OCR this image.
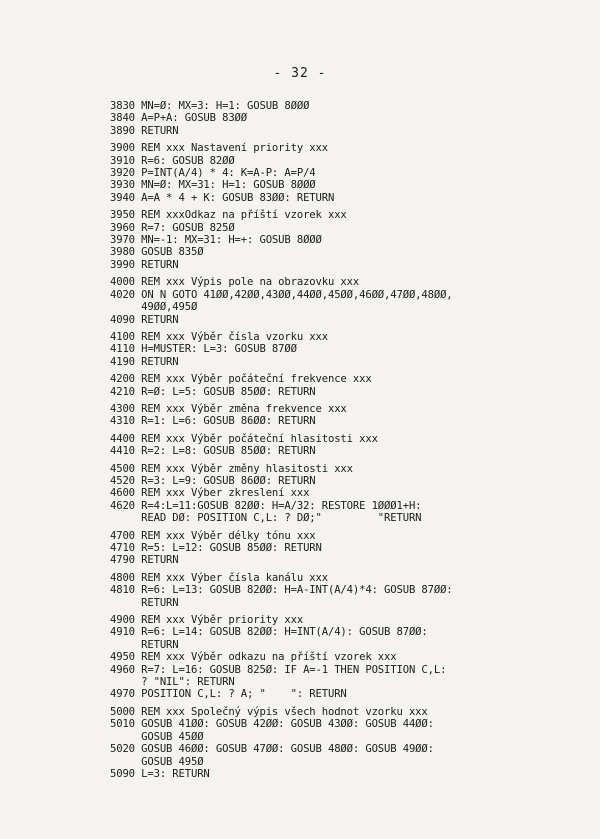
- 32 -
3830 MN=Ø: MX=3: H=1: GOSUB 8ØØØ
3840 A=P+A: GOSUB 83ØØ
3890 RETURN
3900 REM xxx Nastavení priority xxx
3910 R=6: GOSUB 82ØØ
3920 P=INT(A/4) * 4: K=A-P: A=P/4
3930 MN=Ø: MX=31: H=1: GOSUB 8ØØØ
3940 A=A * 4 + K: GOSUB 83ØØ: RETURN
3950 REM xxxOdkaz na příští vzorek xxx
3960 R=7: GOSUB 825Ø
3970 MN=-1: MX=31: H=+: GOSUB 8ØØØ
3980 GOSUB 835Ø
3990 RETURN
4000 REM xxx Výpis pole na obrazovku xxx
4020 ON N GOTO 41ØØ,42ØØ,43ØØ,44ØØ,45ØØ,46ØØ,47ØØ,48ØØ,
49ØØ,495Ø
4090 RETURN
4100 REM xxx Výběr čísla vzorku xxx
4110 H=MUSTER: L=3: GOSUB 87ØØ
4190 RETURN
4200 REM xxx Výběr počáteční frekvence xxx
4210 R=Ø: L=5: GOSUB 85ØØ: RETURN
4300 REM xxx Výběr změna frekvence xxx
4310 R=1: L=6: GOSUB 86ØØ: RETURN
4400 REM xxx Výběr počáteční hlasitosti xxx
4410 R=2: L=8: GOSUB 85ØØ: RETURN
4500 REM xxx Výběr změny hlasitosti xxx
4520 R=3: L=9: GOSUB 86ØØ: RETURN
4600 REM xxx Výber zkreslení xxx
4620 R=4:L=11:GOSUB 82ØØ: H=A/32: RESTORE 1ØØØ1+H:
READ DØ: POSITION C,L: ? DØ;"         "RETURN
4700 REM xxx Výběr délky tónu xxx
4710 R=5: L=12: GOSUB 85ØØ: RETURN
4790 RETURN
4800 REM xxx Výber čísla kanálu xxx
4810 R=6: L=13: GOSUB 82ØØ: H=A-INT(A/4)*4: GOSUB 87ØØ:
RETURN
4900 REM xxx Výběr priority xxx
4910 R=6: L=14: GOSUB 82ØØ: H=INT(A/4): GOSUB 87ØØ:
RETURN
4950 REM xxx Výběr odkazu na příští vzorek xxx
4960 R=7: L=16: GOSUB 825Ø: IF A=-1 THEN POSITION C,L:
? "NIL": RETURN
4970 POSITION C,L: ? A; "    ": RETURN
5000 REM xxx Společný výpis všech hodnot vzorku xxx
5010 GOSUB 41ØØ: GOSUB 42ØØ: GOSUB 43ØØ: GOSUB 44ØØ:
GOSUB 45ØØ
5020 GOSUB 46ØØ: GOSUB 47ØØ: GOSUB 48ØØ: GOSUB 49ØØ:
GOSUB 495Ø
5090 L=3: RETURN
